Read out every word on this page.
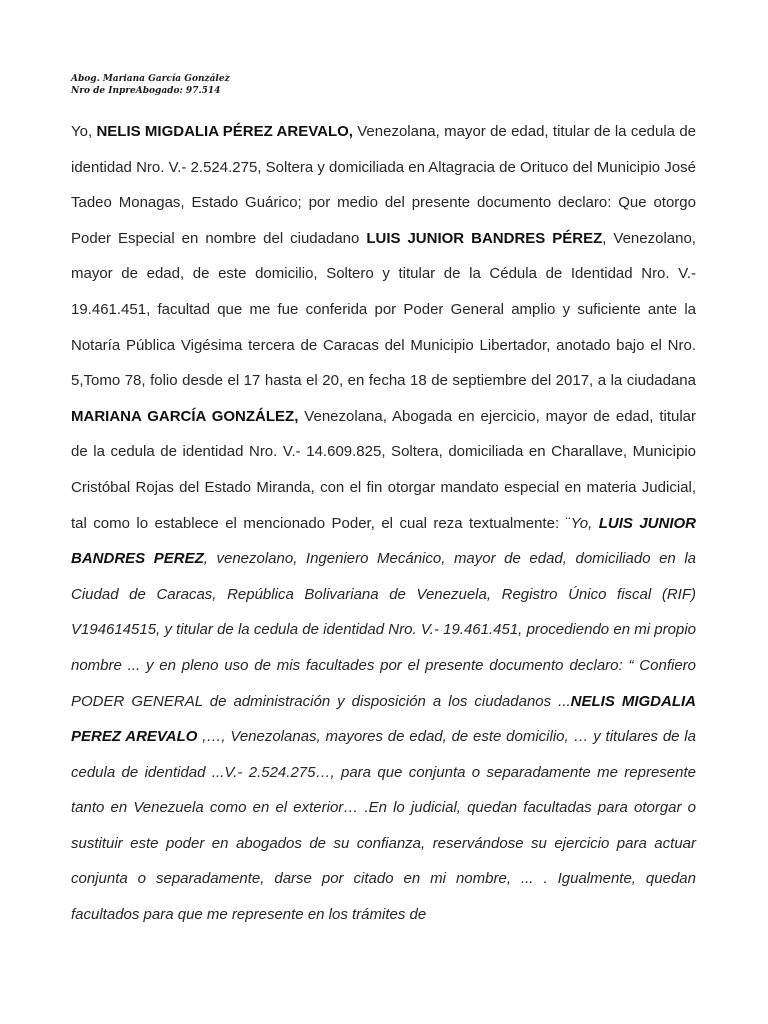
Abog. Mariana García González
Nro de InpreAbogado: 97.514

Yo, NELIS MIGDALIA PÉREZ AREVALO, Venezolana, mayor de edad, titular de la cedula de identidad Nro. V.- 2.524.275, Soltera y domiciliada en Altagracia de Orituco del Municipio José Tadeo Monagas, Estado Guárico; por medio del presente documento declaro: Que otorgo Poder Especial en nombre del ciudadano LUIS JUNIOR BANDRES PÉREZ, Venezolano, mayor de edad, de este domicilio, Soltero y titular de la Cédula de Identidad Nro. V.- 19.461.451, facultad que me fue conferida por Poder General amplio y suficiente ante la Notaría Pública Vigésima tercera de Caracas del Municipio Libertador, anotado bajo el Nro. 5,Tomo 78, folio desde el 17 hasta el 20, en fecha 18 de septiembre del 2017, a la ciudadana MARIANA GARCÍA GONZÁLEZ, Venezolana, Abogada en ejercicio, mayor de edad, titular de la cedula de identidad Nro. V.- 14.609.825, Soltera, domiciliada en Charallave, Municipio Cristóbal Rojas del Estado Miranda, con el fin otorgar mandato especial en materia Judicial, tal como lo establece el mencionado Poder, el cual reza textualmente: ¨Yo, LUIS JUNIOR BANDRES PEREZ, venezolano, Ingeniero Mecánico, mayor de edad, domiciliado en la Ciudad de Caracas, República Bolivariana de Venezuela, Registro Único fiscal (RIF) V194614515, y titular de la cedula de identidad Nro. V.- 19.461.451, procediendo en mi propio nombre ... y en pleno uso de mis facultades por el presente documento declaro: “ Confiero PODER GENERAL de administración y disposición a los ciudadanos ...NELIS MIGDALIA PEREZ AREVALO ,…, Venezolanas, mayores de edad, de este domicilio, … y titulares de la cedula de identidad ...V.- 2.524.275…, para que conjunta o separadamente me represente tanto en Venezuela como en el exterior… .En lo judicial, quedan facultadas para otorgar o sustituir este poder en abogados de su confianza, reservándose su ejercicio para actuar conjunta o separadamente, darse por citado en mi nombre, ... . Igualmente, quedan facultados para que me represente en los trámites de
